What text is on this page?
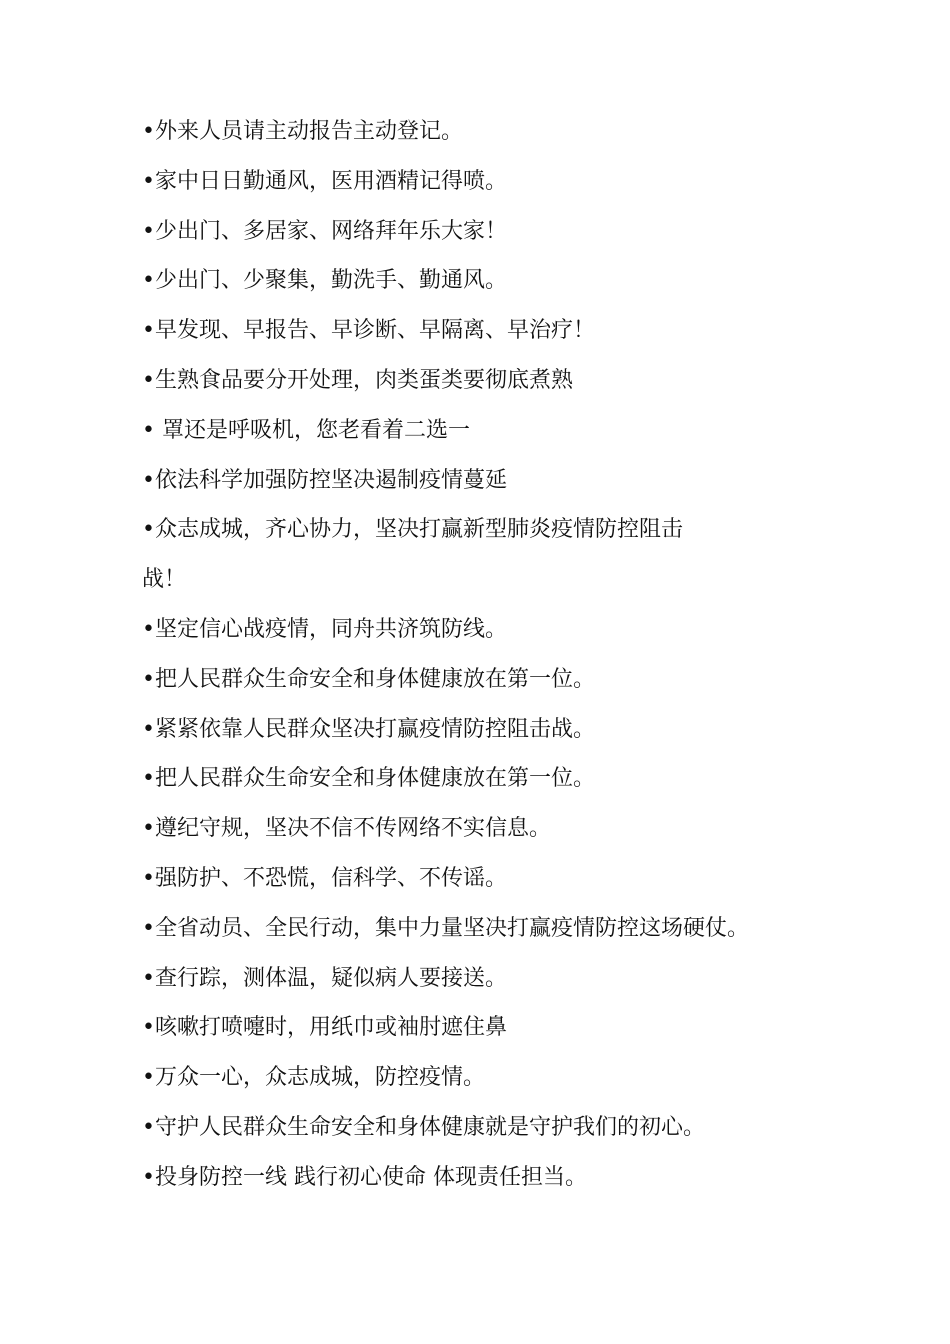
•外来人员请主动报告主动登记。

•家中日日勤通风，医用酒精记得喷。

•少出门、多居家、网络拜年乐大家！

•少出门、少聚集，勤洗手、勤通风。

•早发现、早报告、早诊断、早隔离、早治疗！

•生熟食品要分开处理，肉类蛋类要彻底煮熟

• 罩还是呼吸机，您老看着二选一

•依法科学加强防控坚决遏制疫情蔓延

•众志成城，齐心协力，坚决打赢新型肺炎疫情防控阻击

战！

•坚定信心战疫情，同舟共济筑防线。

•把人民群众生命安全和身体健康放在第一位。

•紧紧依靠人民群众坚决打赢疫情防控阻击战。

•把人民群众生命安全和身体健康放在第一位。

•遵纪守规，坚决不信不传网络不实信息。

•强防护、不恐慌，信科学、不传谣。

•全省动员、全民行动，集中力量坚决打赢疫情防控这场硬仗。

•查行踪，测体温，疑似病人要接送。

•咳嗽打喷嚏时，用纸巾或袖肘遮住鼻

•万众一心，众志成城，防控疫情。

•守护人民群众生命安全和身体健康就是守护我们的初心。

•投身防控一线 践行初心使命 体现责任担当。
